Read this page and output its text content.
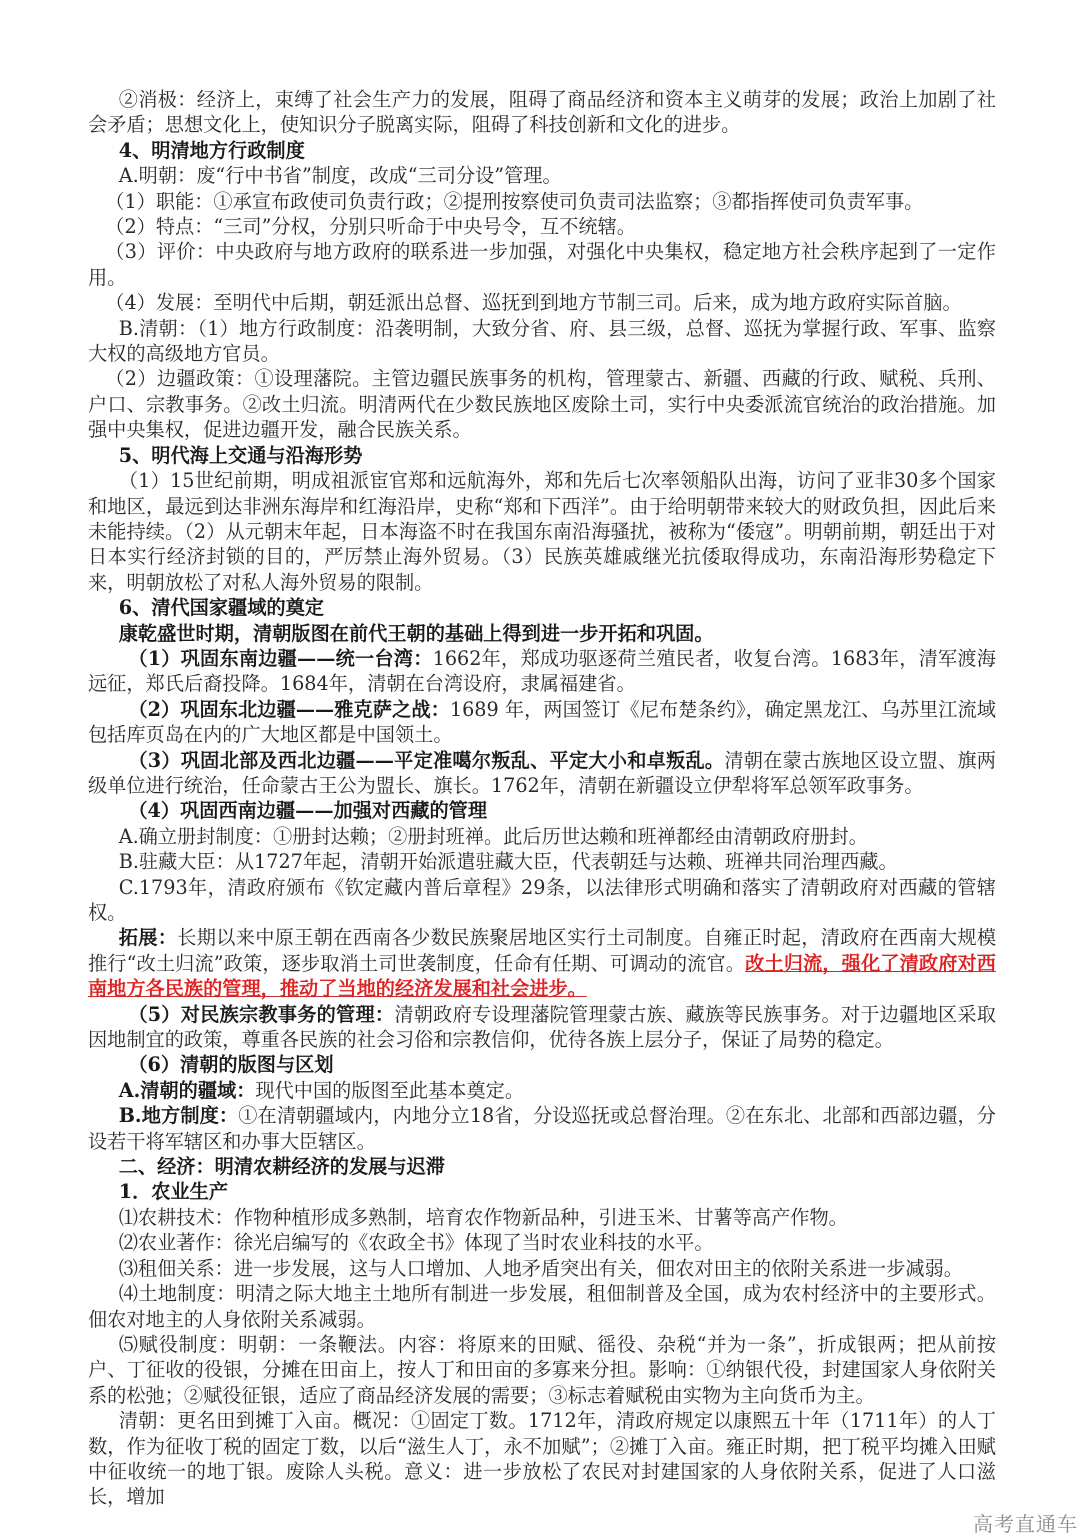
②消极：经济上，束缚了社会生产力的发展，阻碍了商品经济和资本主义萌芽的发展；政治上加剧了社会矛盾；思想文化上，使知识分子脱离实际，阻碍了科技创新和文化的进步。

4、明清地方行政制度

A.明朝：废“行中书省”制度，改成“三司分设”管理。

（1）职能：①承宣布政使司负责行政；②提刑按察使司负责司法监察；③都指挥使司负责军事。

（2）特点：“三司”分权，分别只听命于中央号令，互不统辖。

（3）评价：中央政府与地方政府的联系进一步加强，对强化中央集权，稳定地方社会秩序起到了一定作用。

（4）发展：至明代中后期，朝廷派出总督、巡抚到到地方节制三司。后来，成为地方政府实际首脑。

B.清朝：（1）地方行政制度：沿袭明制，大致分省、府、县三级，总督、巡抚为掌握行政、军事、监察大权的高级地方官员。

（2）边疆政策：①设理藩院。主管边疆民族事务的机构，管理蒙古、新疆、西藏的行政、赋税、兵刑、户口、宗教事务。②改土归流。明清两代在少数民族地区废除土司，实行中央委派流官统治的政治措施。加强中央集权，促进边疆开发，融合民族关系。

5、明代海上交通与沿海形势

（1）15世纪前期，明成祖派宦官郑和远航海外，郑和先后七次率领船队出海，访问了亚非30多个国家和地区，最远到达非洲东海岸和红海沿岸，史称“郑和下西洋”。由于给明朝带来较大的财政负担，因此后来未能持续。（2）从元朝末年起，日本海盗不时在我国东南沿海骚扰，被称为“倭寇”。明朝前期，朝廷出于对日本实行经济封锁的目的，严厉禁止海外贸易。（3）民族英雄戚继光抗倭取得成功，东南沿海形势稳定下来，明朝放松了对私人海外贸易的限制。

6、清代国家疆域的奠定

康乾盛世时期，清朝版图在前代王朝的基础上得到进一步开拓和巩固。

（1）巩固东南边疆——统一台湾：1662年，郑成功驱逐荷兰殖民者，收复台湾。1683年，清军渡海远征，郑氏后裔投降。1684年，清朝在台湾设府，隶属福建省。

（2）巩固东北边疆——雅克萨之战：1689 年，两国签订《尼布楚条约》，确定黑龙江、乌苏里江流域包括库页岛在内的广大地区都是中国领土。

（3）巩固北部及西北边疆——平定准噶尔叛乱、平定大小和卓叛乱。清朝在蒙古族地区设立盟、旗两级单位进行统治，任命蒙古王公为盟长、旗长。1762年，清朝在新疆设立伊犁将军总领军政事务。

（4）巩固西南边疆——加强对西藏的管理

A.确立册封制度：①册封达赖；②册封班禅。此后历世达赖和班禅都经由清朝政府册封。

B.驻藏大臣：从1727年起，清朝开始派遣驻藏大臣，代表朝廷与达赖、班禅共同治理西藏。

C.1793年，清政府颁布《钦定藏内普后章程》29条，以法律形式明确和落实了清朝政府对西藏的管辖权。

拓展：长期以来中原王朝在西南各少数民族聚居地区实行土司制度。自雍正时起，清政府在西南大规模推行“改土归流”政策，逐步取消土司世袭制度，任命有任期、可调动的流官。改土归流，强化了清政府对西南地方各民族的管理，推动了当地的经济发展和社会进步。

（5）对民族宗教事务的管理：清朝政府专设理藩院管理蒙古族、藏族等民族事务。对于边疆地区采取因地制宜的政策，尊重各民族的社会习俗和宗教信仰，优待各族上层分子，保证了局势的稳定。

（6）清朝的版图与区划

A.清朝的疆域：现代中国的版图至此基本奠定。

B.地方制度：①在清朝疆域内，内地分立18省，分设巡抚或总督治理。②在东北、北部和西部边疆，分设若干将军辖区和办事大臣辖区。

二、经济：明清农耕经济的发展与迟滞

1．农业生产

⑴农耕技术：作物种植形成多熟制，培育农作物新品种，引进玉米、甘薯等高产作物。

⑵农业著作：徐光启编写的《农政全书》体现了当时农业科技的水平。

⑶租佃关系：进一步发展，这与人口增加、人地矛盾突出有关，佃农对田主的依附关系进一步减弱。

⑷土地制度：明清之际大地主土地所有制进一步发展，租佃制普及全国，成为农村经济中的主要形式。佃农对地主的人身依附关系减弱。

⑸赋役制度：明朝：一条鞭法。内容：将原来的田赋、徭役、杂税“并为一条”，折成银两；把从前按户、丁征收的役银，分摊在田亩上，按人丁和田亩的多寡来分担。影响：①纳银代役，封建国家人身依附关系的松弛；②赋役征银，适应了商品经济发展的需要；③标志着赋税由实物为主向货币为主。

清朝：更名田到摊丁入亩。概况：①固定丁数。1712年，清政府规定以康熙五十年（1711年）的人丁数，作为征收丁税的固定丁数，以后“滋生人丁，永不加赋”；②摊丁入亩。雍正时期，把丁税平均摊入田赋中征收统一的地丁银。废除人头税。意义：进一步放松了农民对封建国家的人身依附关系，促进了人口滋长，增加

高考直通车
